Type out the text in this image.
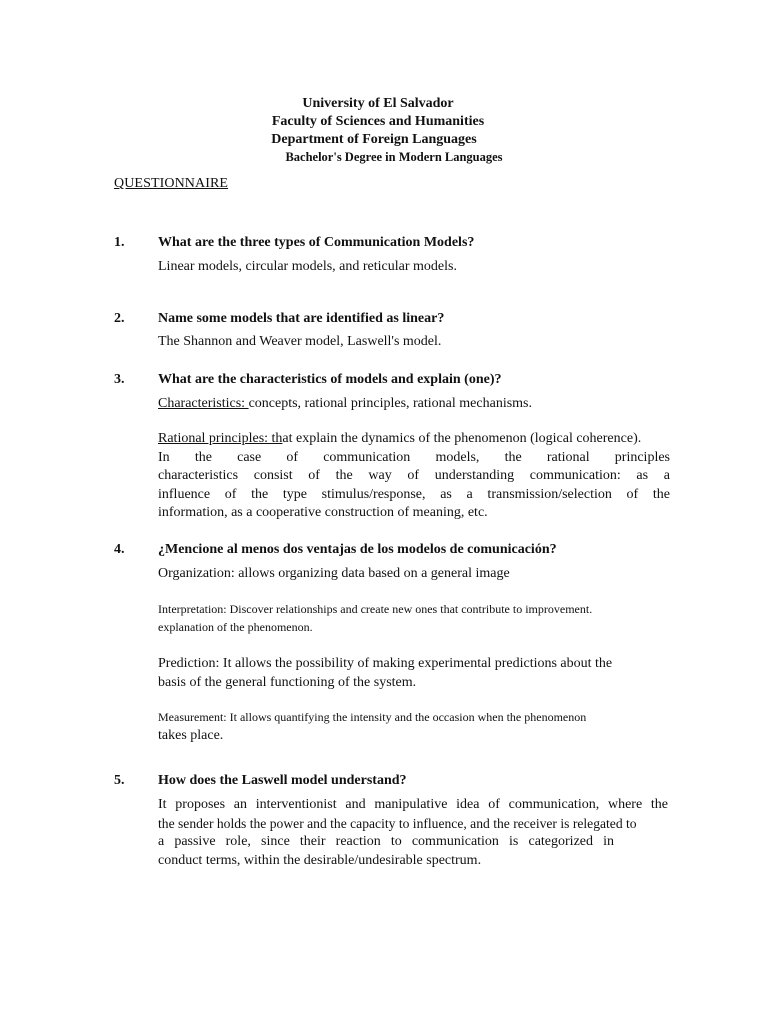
University of El Salvador
Faculty of Sciences and Humanities
Department of Foreign Languages
Bachelor's Degree in Modern Languages
QUESTIONNAIRE
1. What are the three types of Communication Models?
Linear models, circular models, and reticular models.
2. Name some models that are identified as linear?
The Shannon and Weaver model, Laswell's model.
3. What are the characteristics of models and explain (one)?
Characteristics: concepts, rational principles, rational mechanisms.
Rational principles: that explain the dynamics of the phenomenon (logical coherence).
In the case of communication models, the rational principles
characteristics consist of the way of understanding communication: as a
influence of the type stimulus/response, as a transmission/selection of the
information, as a cooperative construction of meaning, etc.
4. ¿Mencione al menos dos ventajas de los modelos de comunicación?
Organization: allows organizing data based on a general image
Interpretation: Discover relationships and create new ones that contribute to improvement.
explanation of the phenomenon.
Prediction: It allows the possibility of making experimental predictions about the
basis of the general functioning of the system.
Measurement: It allows quantifying the intensity and the occasion when the phenomenon
takes place.
5. How does the Laswell model understand?
It proposes an interventionist and manipulative idea of communication, where the
the sender holds the power and the capacity to influence, and the receiver is relegated to
a passive role, since their reaction to communication is categorized in
conduct terms, within the desirable/undesirable spectrum.
